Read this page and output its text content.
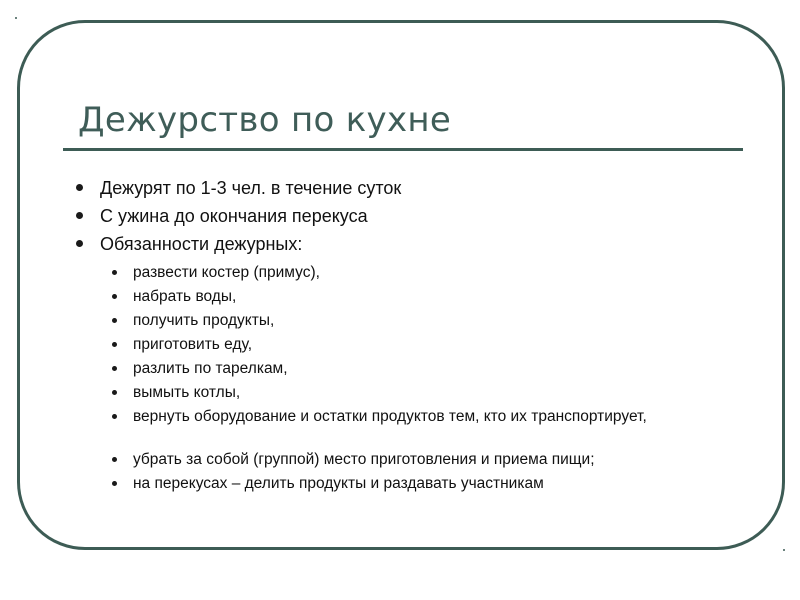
Дежурство по кухне
Дежурят по 1-3 чел. в течение суток
С ужина до окончания перекуса
Обязанности дежурных:
развести костер (примус),
набрать воды,
получить продукты,
приготовить еду,
разлить по тарелкам,
вымыть котлы,
вернуть оборудование и остатки продуктов тем, кто их транспортирует,
убрать за собой (группой) место приготовления и приема пищи;
на перекусах – делить продукты и раздавать участникам
